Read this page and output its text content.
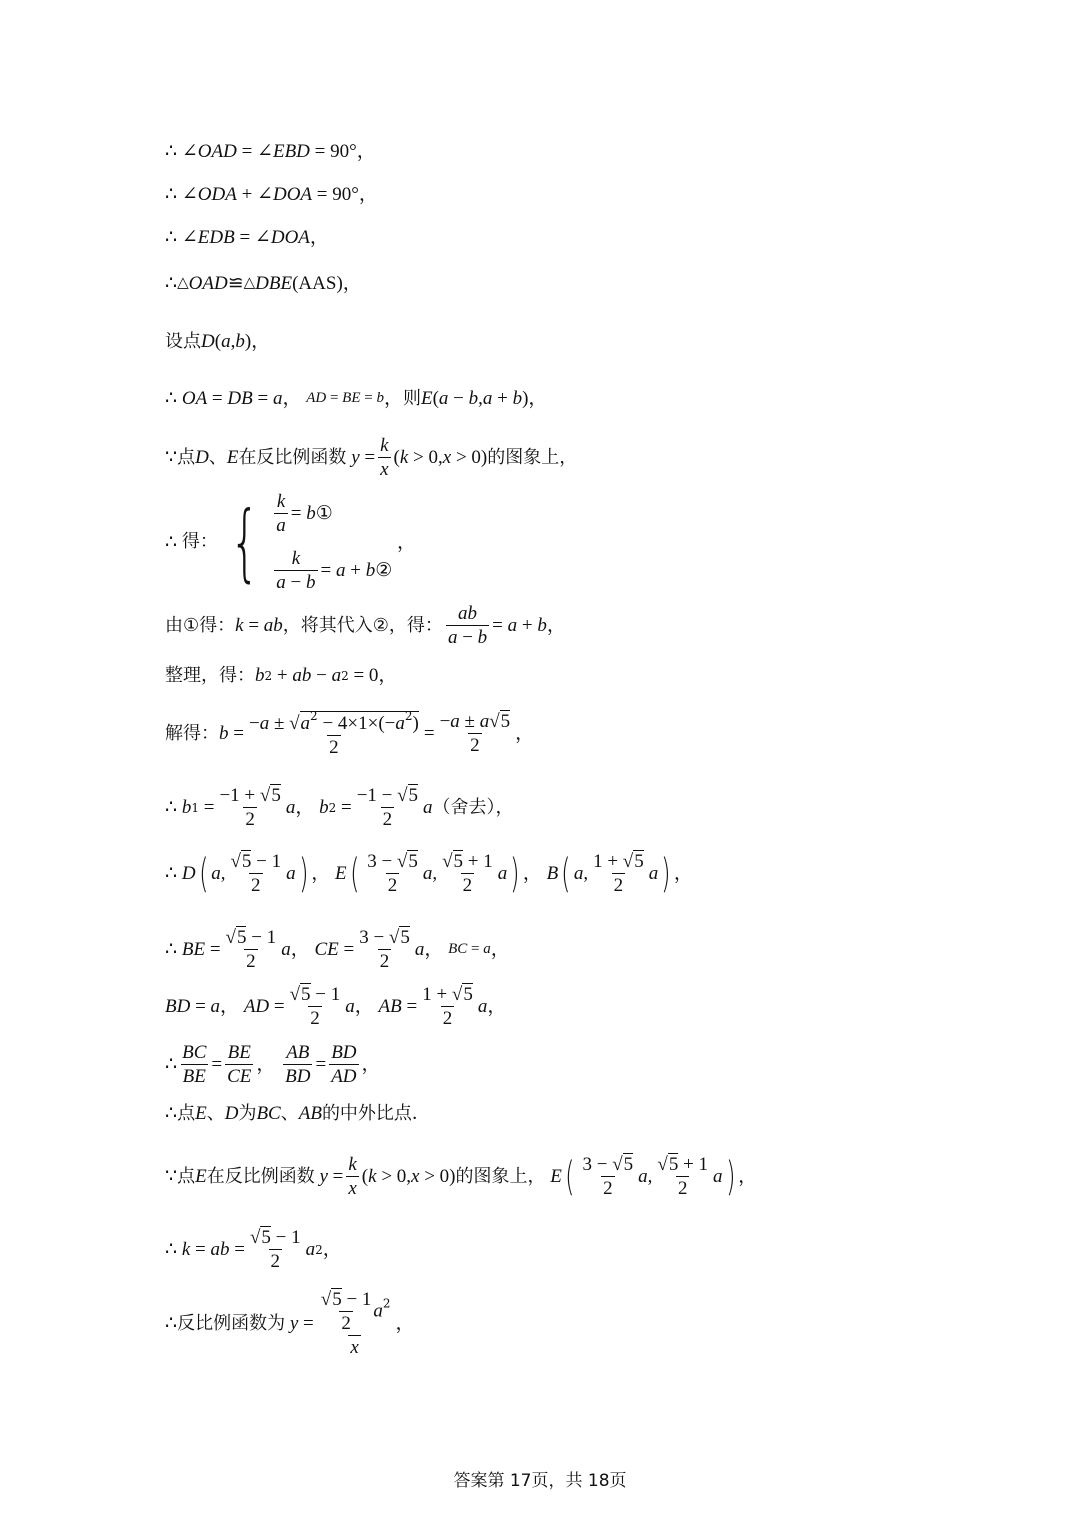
∴ ∠ OAD = ∠ EBD = 90°，
∴ ∠ ODA + ∠ DOA = 90°，
∴ ∠ EDB = ∠ DOA ，
∴ △ OAD ≌ △ DBE (AAS)，
设点 D ( a , b )，
∴ OA = DB = a ， AD = BE = b ， 则 E ( a − b , a + b )，
∵ 点 D 、 E 在反比例函数 $y = \frac{k}{x}$ ( k > 0, x > 0) 的图象上，
∴ 得： { $\frac{k}{a} = b$ ①
$\frac{k}{a - b} = a + b$ ②
，
由①得： k = ab ，将其代入②，得： $\frac{ab}{a - b} = a + b$ ，
整理，得： b 2 + ab − a 2 = 0，
解得： $b = \frac{-a \pm √a^2 - 4\times 1\times(-a^2)}{2} = \frac{-a \pm a√5}{2}$ ，
∴ b $1 = \frac{-1 + √5}{2}$ a ， b $2 = \frac{-1 - √5}{2}$ a （舍去），
∴ D ( a , $\frac{√5 - 1}{2}$ a ) ， E ( $\frac{3 - √5}{2}$ a , $\frac{√5 + 1}{2}$ a ) ， B ( a , $\frac{1 + √5}{2}$ a ) ，
∴ BE = $\frac{√5 - 1}{2}$ a ， CE = $\frac{3 - √5}{2}$ a ， BC = a ，
BD = a ， AD = $\frac{√5 - 1}{2}$ a ， AB = $\frac{1 + √5}{2}$ a ，
∴ $\frac{BC}{BE} = \frac{BE}{CE}$ ， $\frac{AB}{BD} = \frac{BD}{AD}$ ，
∴ 点 E 、 D 为 BC 、 AB 的中外比点．
∵ 点 E 在反比例函数 $y = \frac{k}{x}$ ( k > 0, x > 0) 的图象上， E ( $\frac{3 - √5}{2}$ a , $\frac{√5 + 1}{2}$ a ) ，
∴ k = ab = $\frac{√5 - 1}{2}$ a 2 ，
∴ 反比例函数为 $y = \frac{\frac{√5 - 1}{2} a^2}{x}$ ，
答案第 17页，共 18页
